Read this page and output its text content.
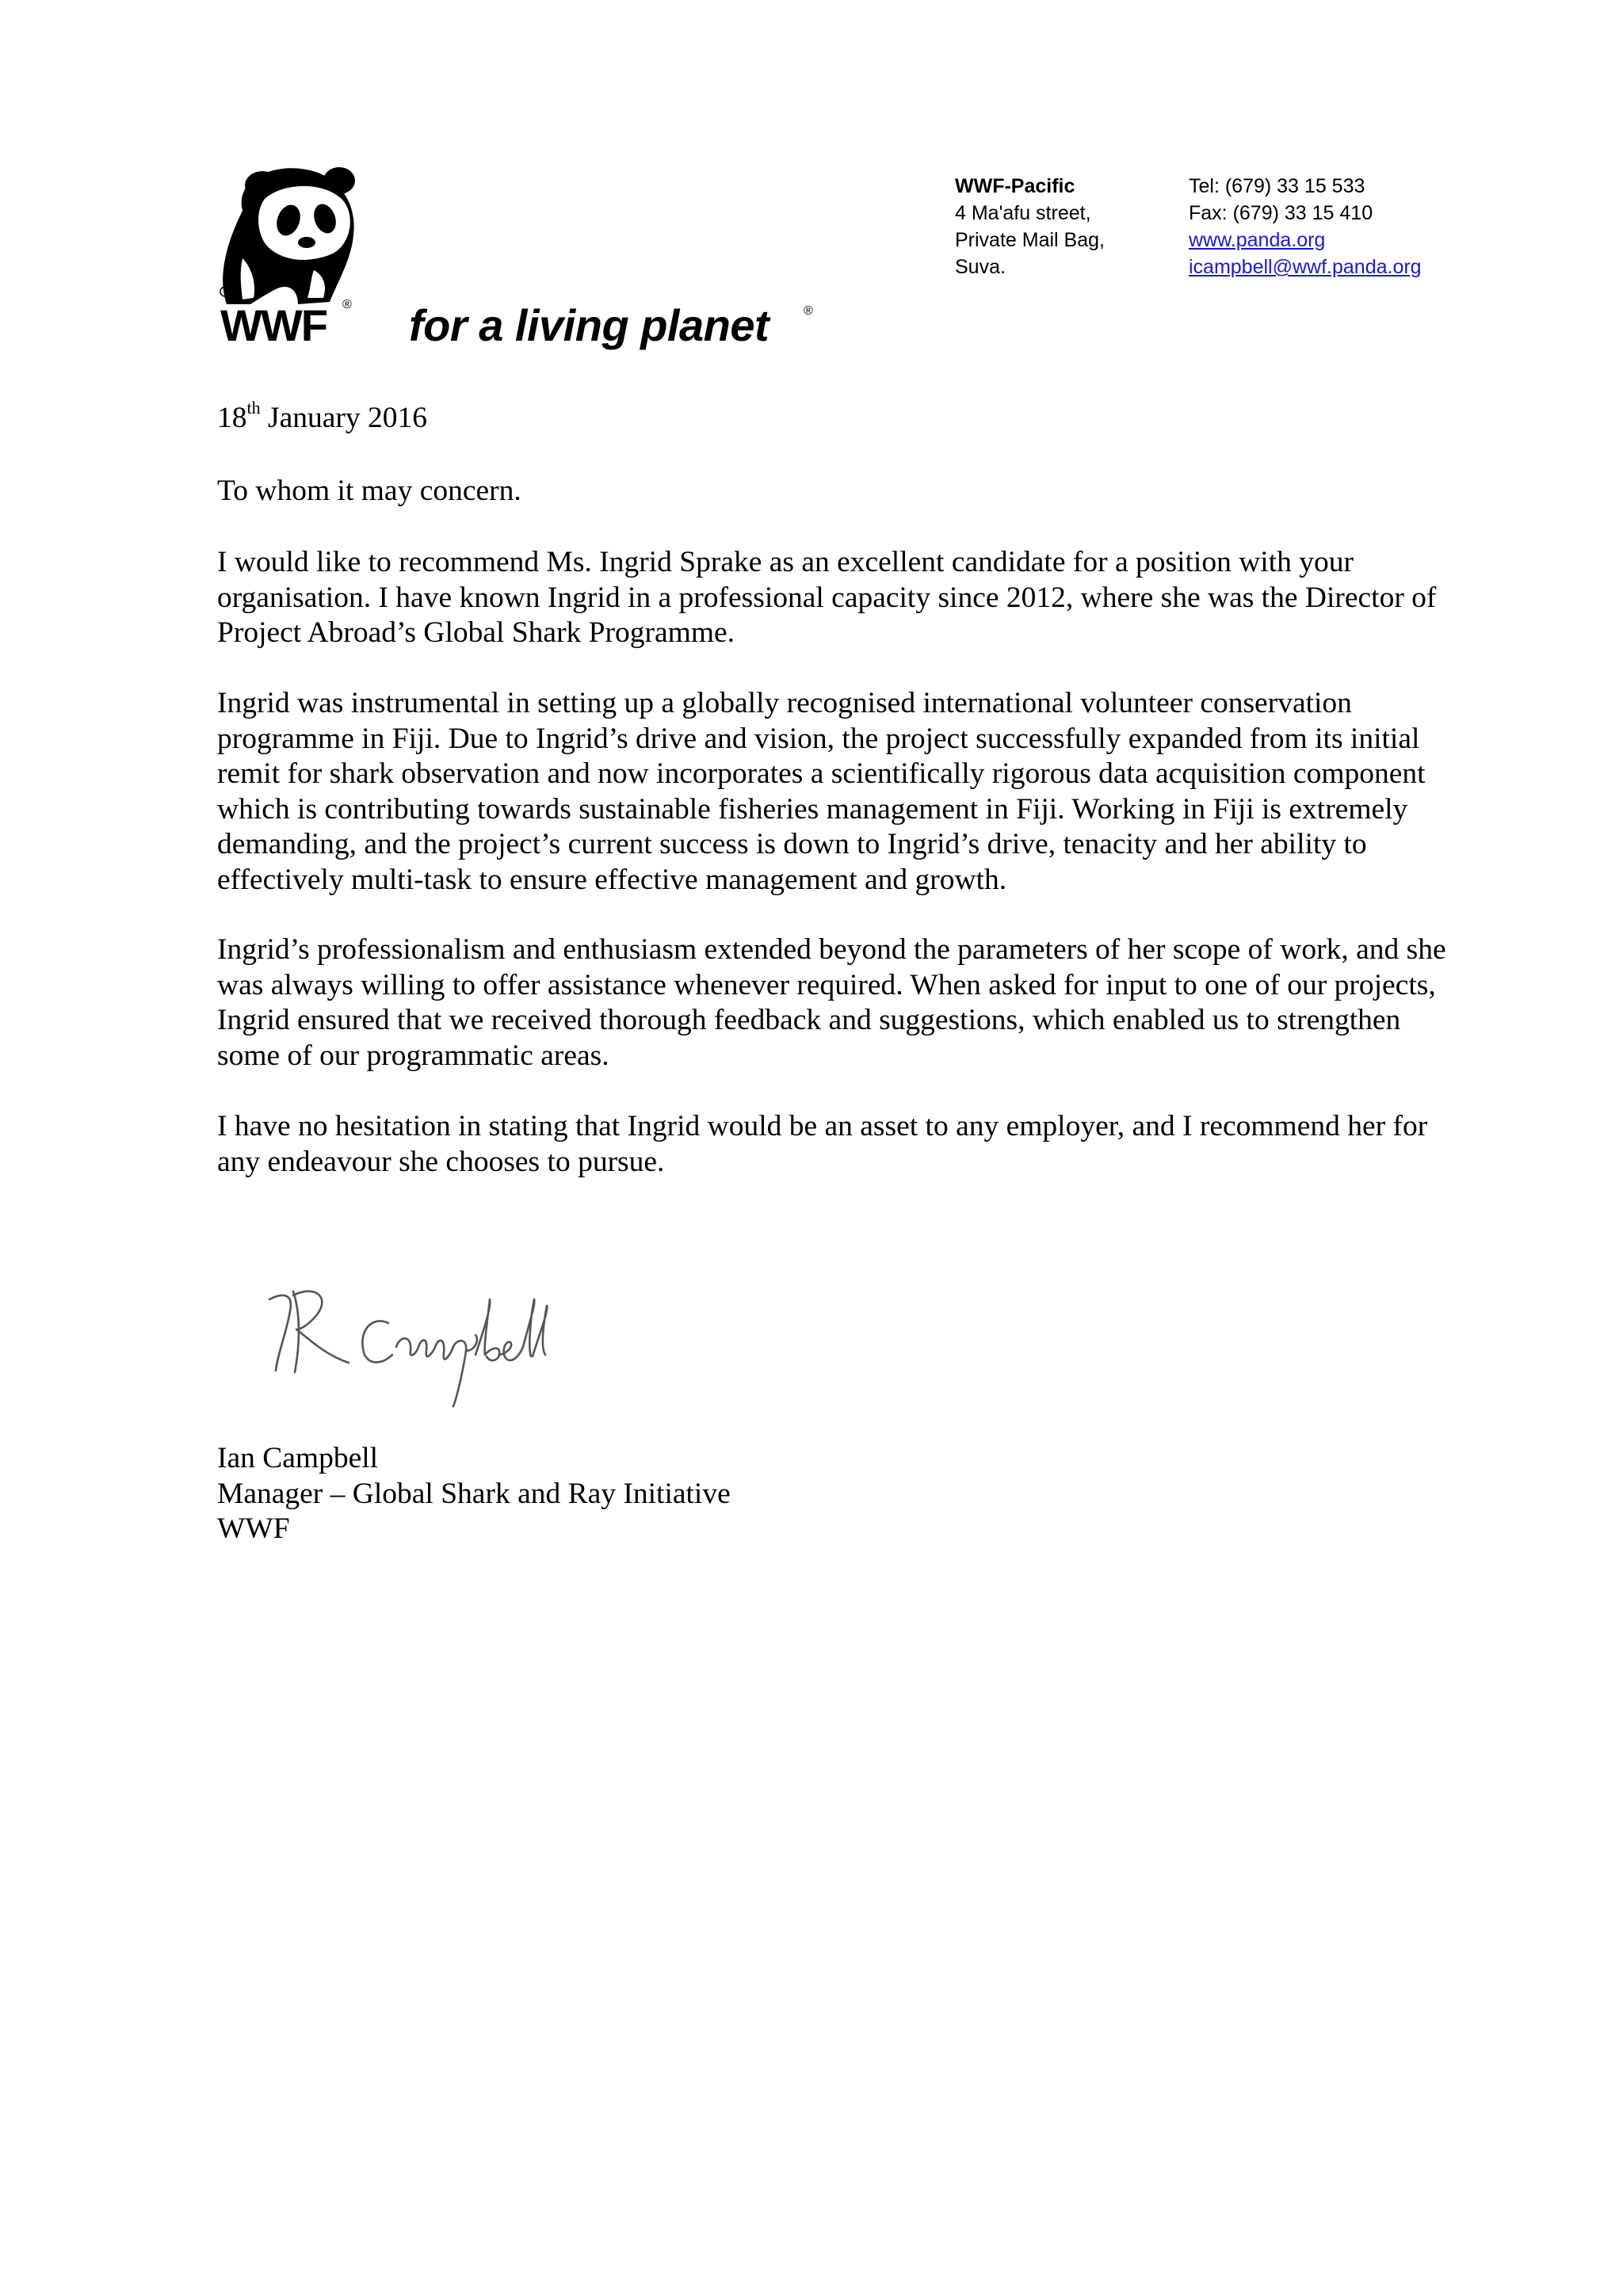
WWF ® for a living planet	®
WWF-Pacific
4 Ma'afu street,
Private Mail Bag,
Suva.
Tel: (679) 33 15 533
Fax: (679) 33 15 410
www.panda.org
icampbell@wwf.panda.org
18th January 2016
To whom it may concern.

I would like to recommend Ms. Ingrid Sprake as an excellent candidate for a position with your organisation. I have known Ingrid in a professional capacity since 2012, where she was the Director of Project Abroad’s Global Shark Programme.

Ingrid was instrumental in setting up a globally recognised international volunteer conservation programme in Fiji. Due to Ingrid’s drive and vision, the project successfully expanded from its initial remit for shark observation and now incorporates a scientifically rigorous data acquisition component which is contributing towards sustainable fisheries management in Fiji. Working in Fiji is extremely demanding, and the project’s current success is down to Ingrid’s drive, tenacity and her ability to effectively multi-task to ensure effective management and growth.

Ingrid’s professionalism and enthusiasm extended beyond the parameters of her scope of work, and she was always willing to offer assistance whenever required. When asked for input to one of our projects, Ingrid ensured that we received thorough feedback and suggestions, which enabled us to strengthen some of our programmatic areas.

I have no hesitation in stating that Ingrid would be an asset to any employer, and I recommend her for any endeavour she chooses to pursue.

Ian Campbell
Manager – Global Shark and Ray Initiative
WWF
